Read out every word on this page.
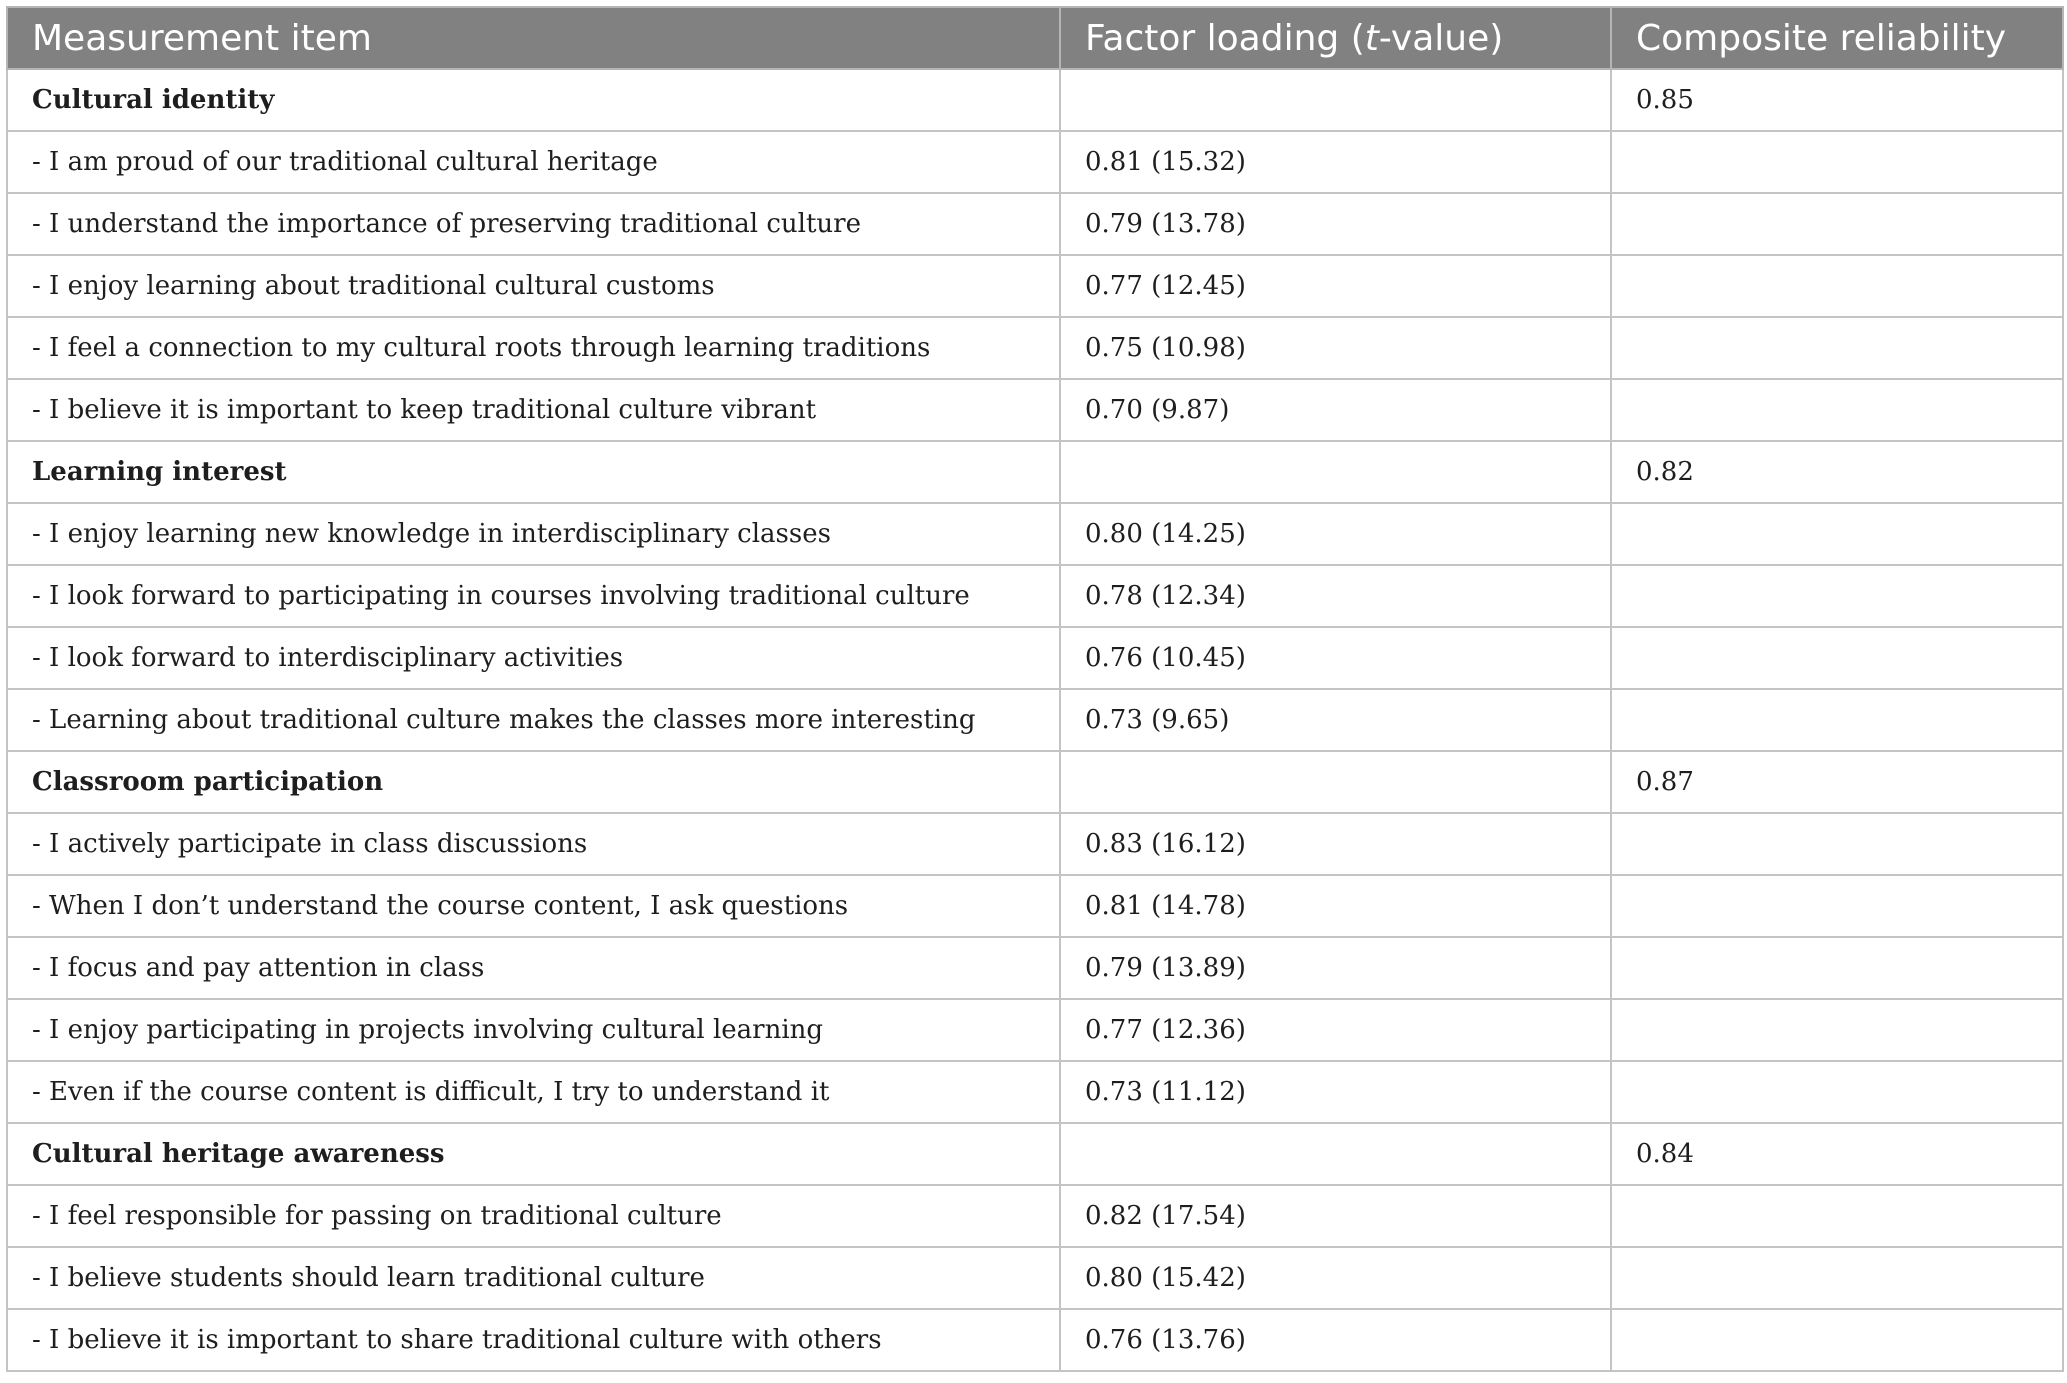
Measurement item	Factor loading (t-value)	Composite reliability
Cultural identity		0.85
- I am proud of our traditional cultural heritage	0.81 (15.32)	
- I understand the importance of preserving traditional culture	0.79 (13.78)	
- I enjoy learning about traditional cultural customs	0.77 (12.45)	
- I feel a connection to my cultural roots through learning traditions	0.75 (10.98)	
- I believe it is important to keep traditional culture vibrant	0.70 (9.87)	
Learning interest		0.82
- I enjoy learning new knowledge in interdisciplinary classes	0.80 (14.25)	
- I look forward to participating in courses involving traditional culture	0.78 (12.34)	
- I look forward to interdisciplinary activities	0.76 (10.45)	
- Learning about traditional culture makes the classes more interesting	0.73 (9.65)	
Classroom participation		0.87
- I actively participate in class discussions	0.83 (16.12)	
- When I don’t understand the course content, I ask questions	0.81 (14.78)	
- I focus and pay attention in class	0.79 (13.89)	
- I enjoy participating in projects involving cultural learning	0.77 (12.36)	
- Even if the course content is difficult, I try to understand it	0.73 (11.12)	
Cultural heritage awareness		0.84
- I feel responsible for passing on traditional culture	0.82 (17.54)	
- I believe students should learn traditional culture	0.80 (15.42)	
- I believe it is important to share traditional culture with others	0.76 (13.76)	
